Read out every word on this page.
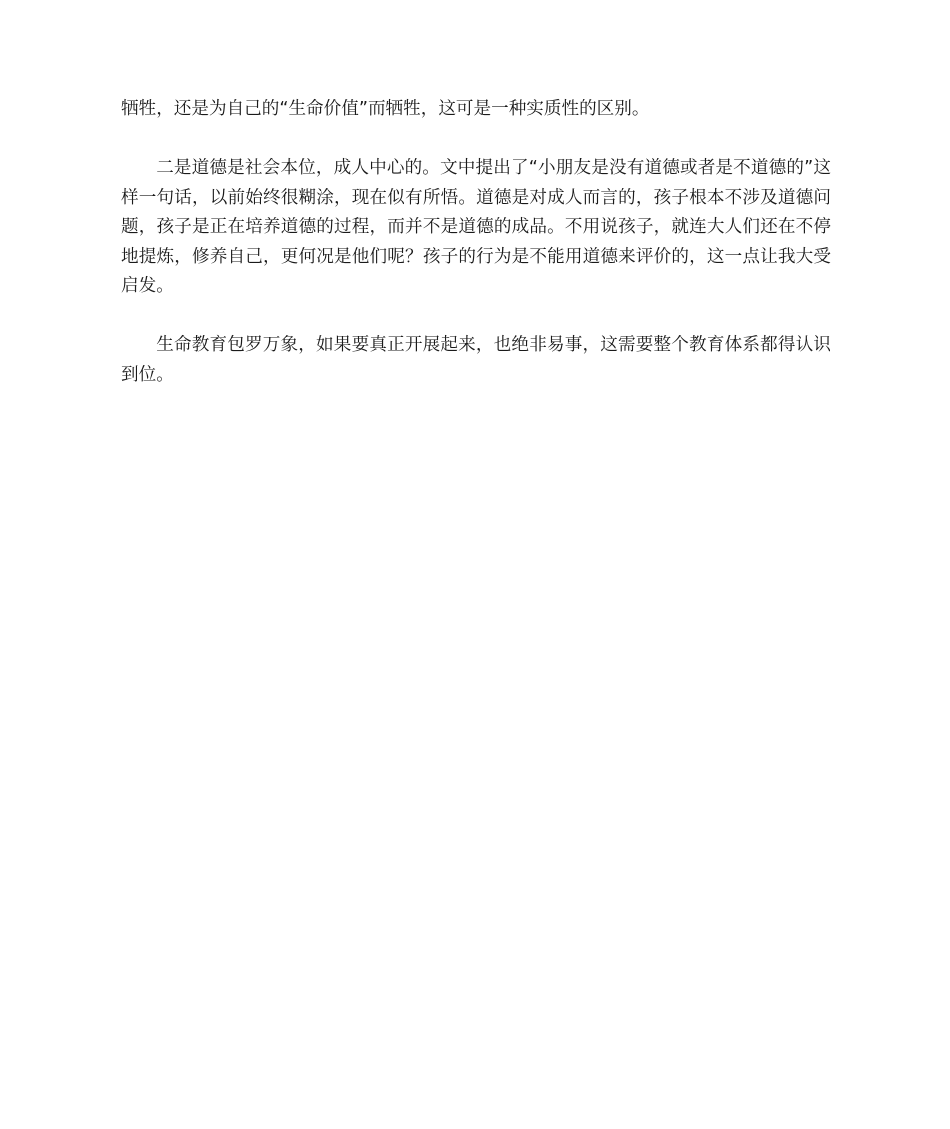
牺牲，还是为自己的“生命价值”而牺牲，这可是一种实质性的区别。

二是道德是社会本位，成人中心的。文中提出了“小朋友是没有道德或者是不道德的”这样一句话，以前始终很糊涂，现在似有所悟。道德是对成人而言的，孩子根本不涉及道德问题，孩子是正在培养道德的过程，而并不是道德的成品。不用说孩子，就连大人们还在不停地提炼，修养自己，更何况是他们呢？孩子的行为是不能用道德来评价的，这一点让我大受启发。

生命教育包罗万象，如果要真正开展起来，也绝非易事，这需要整个教育体系都得认识到位。
